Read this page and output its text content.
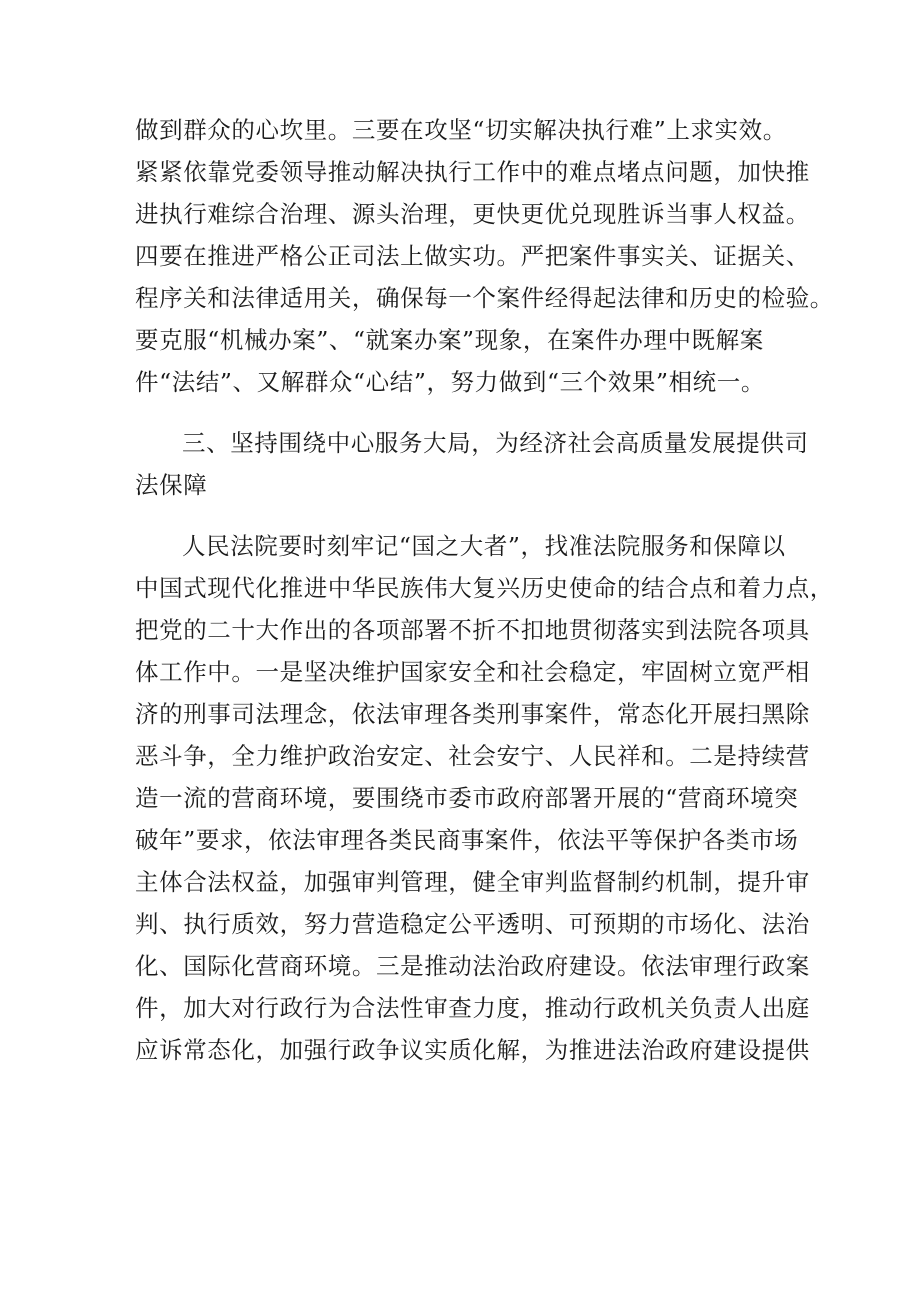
做到群众的心坎里。三要在攻坚“切实解决执行难”上求实效。
紧紧依靠党委领导推动解决执行工作中的难点堵点问题，加快推
进执行难综合治理、源头治理，更快更优兑现胜诉当事人权益。
四要在推进严格公正司法上做实功。严把案件事实关、证据关、
程序关和法律适用关，确保每一个案件经得起法律和历史的检验。
要克服“机械办案”、“就案办案”现象，在案件办理中既解案
件“法结”、又解群众“心结”，努力做到“三个效果”相统一。
三、坚持围绕中心服务大局，为经济社会高质量发展提供司
法保障
人民法院要时刻牢记“国之大者”，找准法院服务和保障以
中国式现代化推进中华民族伟大复兴历史使命的结合点和着力点，
把党的二十大作出的各项部署不折不扣地贯彻落实到法院各项具
体工作中。一是坚决维护国家安全和社会稳定，牢固树立宽严相
济的刑事司法理念，依法审理各类刑事案件，常态化开展扫黑除
恶斗争，全力维护政治安定、社会安宁、人民祥和。二是持续营
造一流的营商环境，要围绕市委市政府部署开展的“营商环境突
破年”要求，依法审理各类民商事案件，依法平等保护各类市场
主体合法权益，加强审判管理，健全审判监督制约机制，提升审
判、执行质效，努力营造稳定公平透明、可预期的市场化、法治
化、国际化营商环境。三是推动法治政府建设。依法审理行政案
件，加大对行政行为合法性审查力度，推动行政机关负责人出庭
应诉常态化，加强行政争议实质化解，为推进法治政府建设提供
